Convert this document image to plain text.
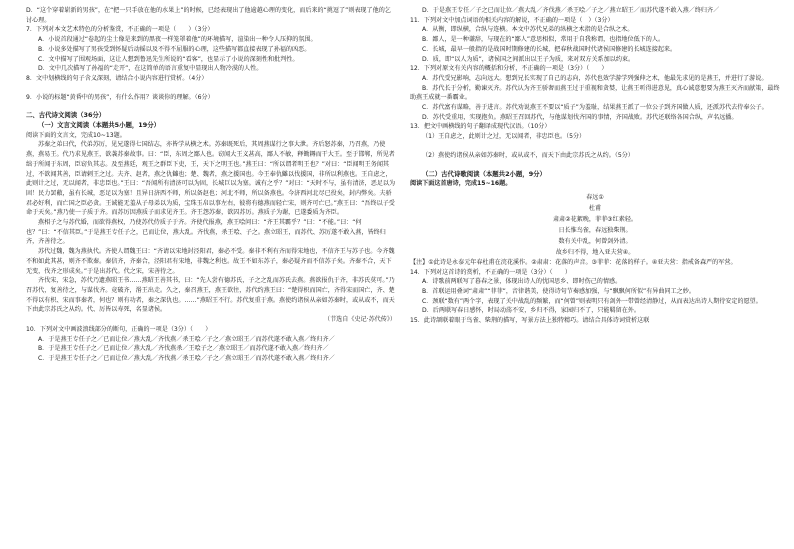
D．“这个穿着崭新的男孩”，在“把一只手放在他的水果上”的时候，已经表现出了他逾越心理的变化，而后来的“挑逗了”则表现了他的乞讨心理。

7．下列对本文艺术特色的分析鉴赏，不正确的一项是（　　）（3分）

A．小说首段通过“卷起的尘土像是来到的黑夜一样笼罩着他”的环境描写，渲染出一种令人压抑的氛围。

B．小说多处描写了男孩受到怀疑后动摇以及不得不屈服的心理，这些描写都直接表现了孙福的凶恶。

C．文中描写了围观场面，这让人想到鲁迅先生所说的“看客”，也显示了小说的深刻性和批判性。

D．文中几次描写了孙福的“走开”，在这简单的语言重复中显现出人物冷漠的人性。

8．文中划横线的句子含义深刻，请结合小说内容进行赏析。（4分）

9．小说的标题“黄昏中的男孩”，有什么作用？谈谈你的理解。（6分）

二、古代诗文阅读（36分）

（一）文言文阅读（本题共5小题，19分）

阅读下面的文言文，完成10~13题。

苏秦之弟曰代，代弟苏厉，见兄遂得七国结志，亦皆学从横之术。苏秦既死后，其周燕谋行之事大泄。齐后怒苏秦，乃召燕，乃使燕，燕易王。代乃求见燕王，欲袭苏秦故事。曰：“臣，东周之鄙人也。窃闻大王义甚高，鄙人不敏，释锄耨而干大王。至于邯郸，所见者绌于所闻于东周，臣窃负其志。及至燕廷，观王之群臣下吏，王，天下之明王也。”燕王曰：“所以谓者明王也？”对曰：“臣闻明王务闻其过，不欲闻其善，臣请刺王之过。夫齐、赵者，燕之仇雠也；楚、魏者，燕之援国也。今王奉仇雠以伐援国，非所以利燕也。王自虑之，此则计之过，无以闻者，非忠臣也。”王曰：“吾闻所有清济可以为固，长城巨以为塞。诚有之乎？”对曰：“天时不与，虽有清济，恶足以为固！民力罢敝，虽有长城，恶足以为塞！且异日济西不师，所以备赵也；河北不师，所以备燕也。今济西河北尽已役矣，封内弊矣。夫骄君必好利，而亡国之臣必贪。王诚能无羞从子母弟以为质，宝珠玉帛以事左右，彼将有德燕而轻亡宋，则齐可亡已。”燕王曰：“吾终以子受命于天矣。”燕乃使一子质于齐。而苏厉因燕质子而求见齐王。齐王怨苏秦，欲囚苏厉。燕质子为谢，已遂委质为齐臣。

燕相子之与苏代婚，而欲得燕权，乃使苏代侍质子于齐。齐使代报燕，燕王哙问曰：“齐王其霸乎？”曰：“不能。”曰：“何也？”曰：“不信其臣。”于是燕王专任子之，已而让位，燕大乱。齐伐燕，杀王哙、子之。燕立昭王，而苏代、苏厉遂不敢入燕，皆终归齐，齐善待之。

苏代过魏，魏为燕执代。齐使人谓魏王曰：“齐请以宋地封泾阳君，秦必不受。秦非不利有齐而得宋地也，不信齐王与苏子也。今齐魏不和如此其甚，则齐不欺秦。秦信齐，齐秦合，泾阳君有宋地，非魏之利也。故王不如东苏子，秦必疑齐而不信苏子矣。齐秦不合，天下无变，伐齐之形成矣。”于是出苏代。代之宋，宋善待之。

齐伐宋，宋急，苏代乃遗燕昭王书……燕昭王善其书，曰：“先人尝有德苏氏，子之之乱而苏氏去燕。燕欲报仇于齐，非苏氏莫可。”乃召苏代，复善待之，与谋伐齐。竟破齐，湣王出走。久之，秦召燕王，燕王欲往，苏代约燕王曰：“楚得枳而国亡，齐得宋而国亡，齐、楚不得以有枳、宋而事秦者，何也？则有功者，秦之深仇也。……”燕昭王不行。苏代复重于燕。燕使约诸侯从亲如苏秦时，或从或不，而天下由此宗苏氏之从约。代、厉皆以寿死，名显诸侯。

（节选自《史记·苏代传》）

10．下列对文中画波浪线部分的断句，正确的一项是（3分）（　　）

A．于是燕王专任子之／已而让位／燕大乱／齐伐燕／杀王哙／子之／燕立昭王／而苏代遂不敢入燕／终归齐／

B．于是燕王专任子之／已而让位／燕大乱／齐伐燕杀／王哙子之／燕立昭王／而苏代遂不敢入燕／终归齐／

C．于是燕王专任子之／已而让位／燕大乱／齐伐燕／杀王哙／子之／燕立昭王／而苏代遂不敢入燕／终归齐／

D．于是燕王专任／子之已而让位／燕大乱／齐伐燕／杀王哙／子之／燕立昭王／而苏代遂不敢入燕／终归齐／

11．下列对文中加点词语的相关内容的解说，不正确的一项是（　）（3分）

A．从衡，即纵横，合纵与连横。本文中苏代兄弟的纵横之术指的是合纵之术。

B．鄙人，是一种谦辞，与现在的“鄙人”意思相似，常用于自我称谓，也指地位低下的人。

C．长城，最早一般指的是战国时期修建的长城，把春秋战国时代诸侯国修建的长城连接起来。

D．质，即“以人为质”，诸侯国之间派出以王子为质，来对双方关系加以约束。

12．下列对原文有关内容的概括和分析，不正确的一项是（3分）（　　）

A．苏代受兄影响，志向远大。想到兄长实现了自己的志向，苏代也效学游学列强伸之术，他最先求见的是燕王，并进行了游说。

B．苏代长于分析，勤谏灭齐。苏代认为齐王骄奢而燕王过于重视和贪婪，让燕王听得进意见，真心诚意想要为燕王灭齐而献策，最终助燕王成就一番霸业。

C．苏代富有谋略，善于进言。苏代劝说燕王不要以“质子”为羞耻，结果燕王派了一位公子到齐国做人质，还派苏代去侍奉公子。

D．苏代受重用，实现抱负。燕昭王召回苏代，与他谋划伐齐国的事情，齐国战败。苏代还联络各国合纵，声名远播。

13．把文中画横线的句子翻译成现代汉语。（10分）

（1）王自虑之，此则计之过，无以闻者，非忠臣也。（5分）

（2）燕使约诸侯从亲如苏秦时，或从或不，而天下由此宗苏氏之从约。（5分）

（二）古代诗歌阅读（本题共2小题，9分）

阅读下面这首唐诗，完成15~16题。

春远①

杜甫

肃肃②花絮晚，菲菲③红素轻。

日长惟鸟雀，春远独柴荆。

数有关中乱，何曾剑外清。

故乡归不得，地入亚夫营④。

【注】①此诗是永泰元年春杜甫在浣花溪作。②肃肃：花落的声音。③菲菲：花落的样子。④亚夫营：指戒备森严的军营。

14．下列对这首诗的赏析，不正确的一项是（3分）（　　）

A．诗歌前两联写了暮春之景，体现出诗人的忧国思乡、即时伤己的情感。

B．首联运用叠词“肃肃”“菲菲”，音律谐美，使得诗句节奏感加强，与“飘飘何所似”有异曲同工之妙。

C．颈联“数有”两个字，表现了关中战乱的频繁，而“何曾”则表明只有剑外一带曾经清静过，从而表达出诗人期待安定的愿望。

D．后两联写春日感怀，时局动荡不安，乡归不得，家园归不了，只能羁留在外。

15．此诗颔联着眼于鸟雀、柴荆的描写，写景方法上独特精巧。请结合具体诗词赏析这联
